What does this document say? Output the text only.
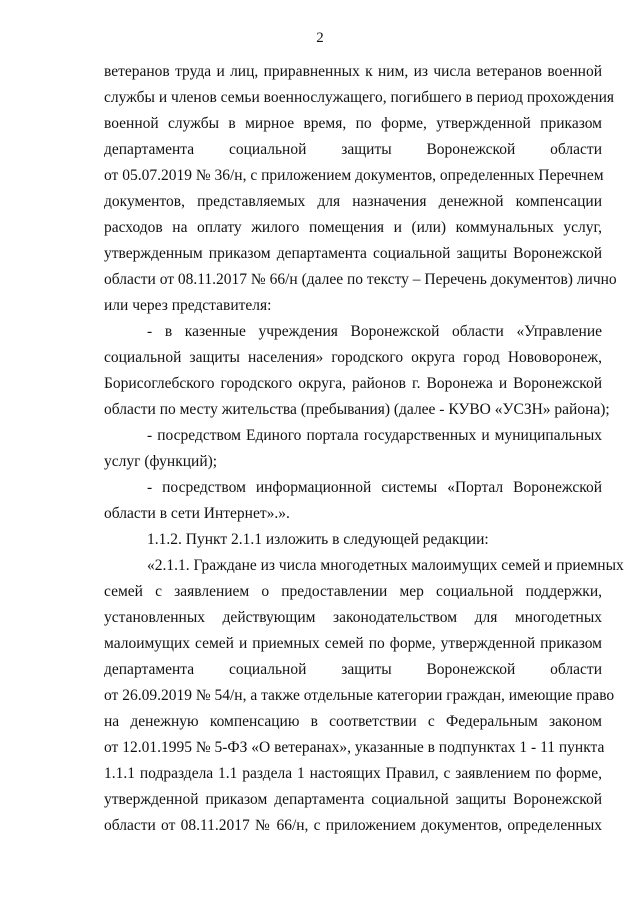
2
ветеранов труда и лиц, приравненных к ним, из числа ветеранов военной
службы и членов семьи военнослужащего, погибшего в период прохождения
военной службы в мирное время, по форме, утвержденной приказом
департамента социальной защиты Воронежской области
от 05.07.2019 № 36/н, с приложением документов, определенных Перечнем
документов, представляемых для назначения денежной компенсации
расходов на оплату жилого помещения и (или) коммунальных услуг,
утвержденным приказом департамента социальной защиты Воронежской
области от 08.11.2017 № 66/н (далее по тексту – Перечень документов) лично
или через представителя:
- в казенные учреждения Воронежской области «Управление
социальной защиты населения» городского округа город Нововоронеж,
Борисоглебского городского округа, районов г. Воронежа и Воронежской
области по месту жительства (пребывания) (далее - КУВО «УСЗН» района);
- посредством Единого портала государственных и муниципальных
услуг (функций);
- посредством информационной системы «Портал Воронежской
области в сети Интернет».».
1.1.2. Пункт 2.1.1 изложить в следующей редакции:
«2.1.1. Граждане из числа многодетных малоимущих семей и приемных
семей с заявлением о предоставлении мер социальной поддержки,
установленных действующим законодательством для многодетных
малоимущих семей и приемных семей по форме, утвержденной приказом
департамента социальной защиты Воронежской области
от 26.09.2019 № 54/н, а также отдельные категории граждан, имеющие право
на денежную компенсацию в соответствии с Федеральным законом
от 12.01.1995 № 5-ФЗ «О ветеранах», указанные в подпунктах 1 - 11 пункта
1.1.1 подраздела 1.1 раздела 1 настоящих Правил, с заявлением по форме,
утвержденной приказом департамента социальной защиты Воронежской
области от 08.11.2017 № 66/н, с приложением документов, определенных
